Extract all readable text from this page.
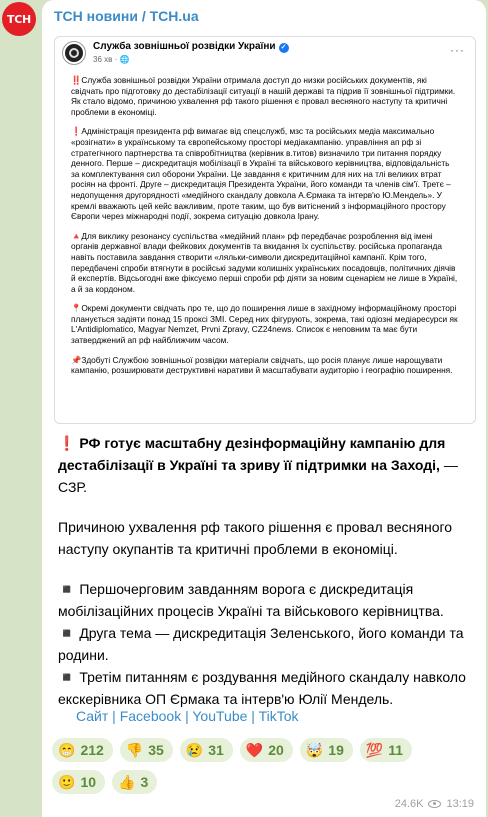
ТСН	ТСН новини / TCH.ua
Служба зовнішньої розвідки України ✓
36 хв · 🌐
···

‼️Служба зовнішньої розвідки України отримала доступ до низки російських документів, які свідчать про підготовку до дестабілізації ситуації в нашій державі та підрив її зовнішньої підтримки. Як стало відомо, причиною ухвалення рф такого рішення є провал весняного наступу та критичні проблеми в економіці.

❗️Адміністрація президента рф вимагає від спецслужб, мзс та російських медіа максимально «розігнати» в українському та європейському просторі медіакампанію. управління ап рф зі стратегічного партнерства та співробітництва (керівник в.титов) визначило три питання порядку денного. Перше – дискредитація мобілізації в Україні та військового керівництва, відповідальність за комплектування сил оборони України. Це завдання є критичним для них на тлі великих втрат росіян на фронті. Друге – дискредитація Президента України, його команди та членів сім'ї. Третє – недопущення другорядності «медійного скандалу довкола А.Єрмака та інтерв'ю Ю.Мендель». У кремлі вважають цей кейс важливим, проте таким, що був витіснений з інформаційного простору Європи через міжнародні події, зокрема ситуацію довкола Ірану.

🔺Для виклику резонансу суспільства «медійний план» рф передбачає розроблення від імені органів державної влади фейкових документів та вкидання їх суспільству. російська пропаганда навіть поставила завдання створити «ляльки-символи дискредитаційної кампанії. Крім того, передбачені спроби втягнути в російські задуми колишніх українських посадовців, політичних діячів й експертів. Відсьогодні вже фіксуємо перші спроби рф діяти за новим сценарієм не лише в Україні, а й за кордоном.

📍Окремі документи свідчать про те, що до поширення лише в західному інформаційному просторі планується задіяти понад 15 проксі ЗМІ. Серед них фігурують, зокрема, такі одіозні медіаресурси як L'Antidiplomatico, Magyar Nemzet, Prvni Zpravy, CZ24news. Список є неповним та має бути затверджений ап рф найближчим часом.

📌Здобуті Службою зовнішньої розвідки матеріали свідчать, що росія планує лише нарощувати кампанію, розширювати деструктивні наративи й масштабувати аудиторію і географію поширення.

❗ РФ готує масштабну дезінформаційну кампанію для дестабілізації в Україні та зриву її підтримки на Заході, — СЗР.

Причиною ухвалення рф такого рішення є провал весняного наступу окупантів та критичні проблеми в економіці.

◾ Першочерговим завданням ворога є дискредитація мобілізаційних процесів Україні та військового керівництва.

◾ Друга тема — дискредитація Зеленського, його команди та родини.

◾ Третім питанням є роздування медійного скандалу навколо екскерівника ОП Єрмака та інтерв'ю Юлії Мендель.

Сайт | Facebook | YouTube | TikTok
😁 212 👎 35 😢 31 ❤️ 20 🤯 19 💯 11
🙂 10 👍 3
24.6K 13:19
